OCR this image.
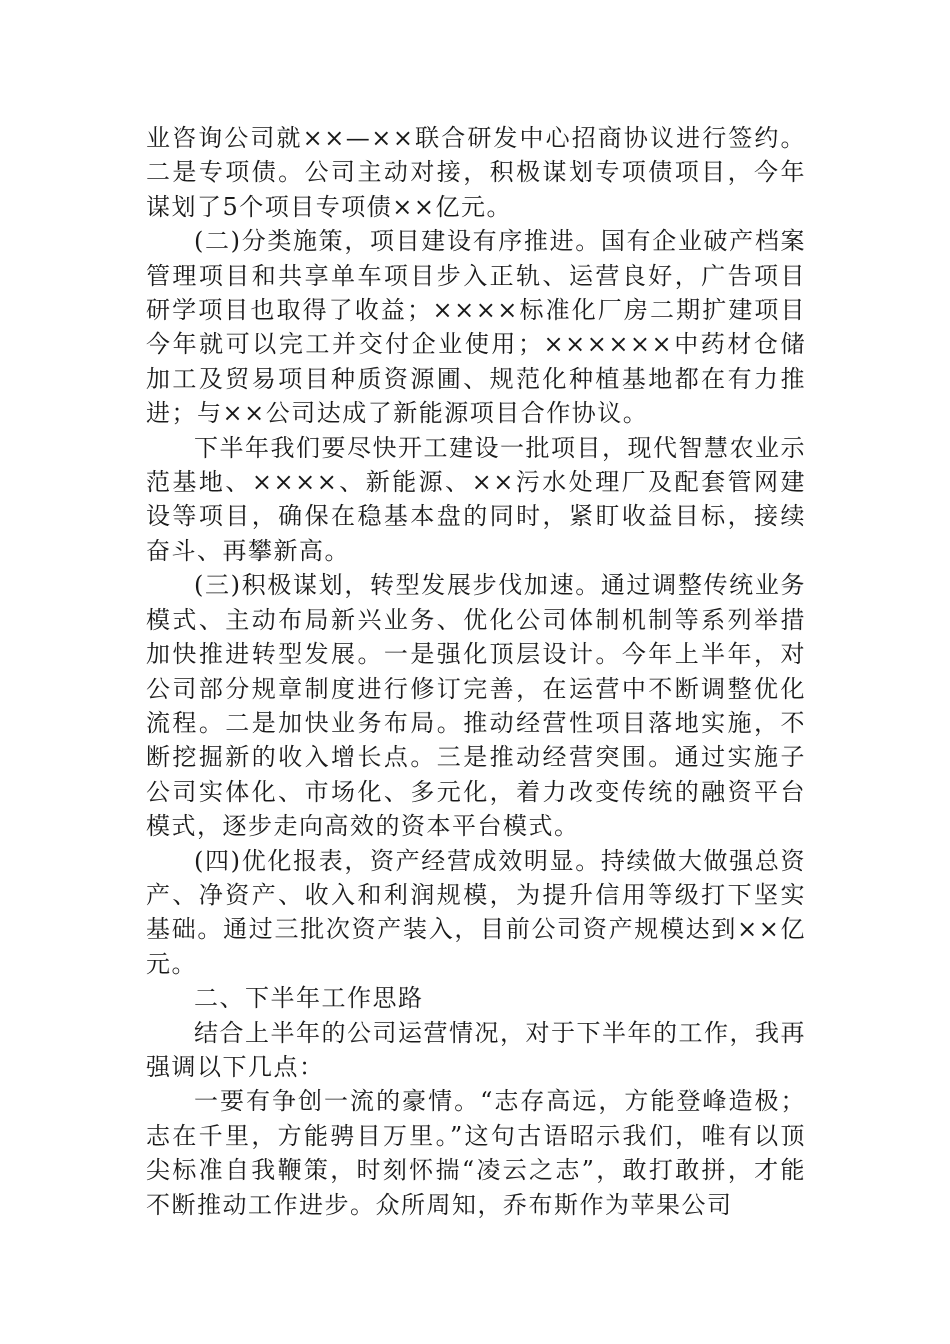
业咨询公司就××—××联合研发中心招商协议进行签约。二是专项债。公司主动对接，积极谋划专项债项目，今年谋划了5个项目专项债××亿元。

(二)分类施策，项目建设有序推进。国有企业破产档案管理项目和共享单车项目步入正轨、运营良好，广告项目研学项目也取得了收益；××××标准化厂房二期扩建项目今年就可以完工并交付企业使用；××××××中药材仓储加工及贸易项目种质资源圃、规范化种植基地都在有力推进；与××公司达成了新能源项目合作协议。

下半年我们要尽快开工建设一批项目，现代智慧农业示范基地、××××、新能源、××污水处理厂及配套管网建设等项目，确保在稳基本盘的同时，紧盯收益目标，接续奋斗、再攀新高。

(三)积极谋划，转型发展步伐加速。通过调整传统业务模式、主动布局新兴业务、优化公司体制机制等系列举措加快推进转型发展。一是强化顶层设计。今年上半年，对公司部分规章制度进行修订完善，在运营中不断调整优化流程。二是加快业务布局。推动经营性项目落地实施，不断挖掘新的收入增长点。三是推动经营突围。通过实施子公司实体化、市场化、多元化，着力改变传统的融资平台模式，逐步走向高效的资本平台模式。

(四)优化报表，资产经营成效明显。持续做大做强总资产、净资产、收入和利润规模，为提升信用等级打下坚实基础。通过三批次资产装入，目前公司资产规模达到××亿元。

二、下半年工作思路

结合上半年的公司运营情况，对于下半年的工作，我再强调以下几点：

一要有争创一流的豪情。“志存高远，方能登峰造极；志在千里，方能骋目万里。”这句古语昭示我们，唯有以顶尖标准自我鞭策，时刻怀揣“凌云之志”，敢打敢拼，才能不断推动工作进步。众所周知，乔布斯作为苹果公司
